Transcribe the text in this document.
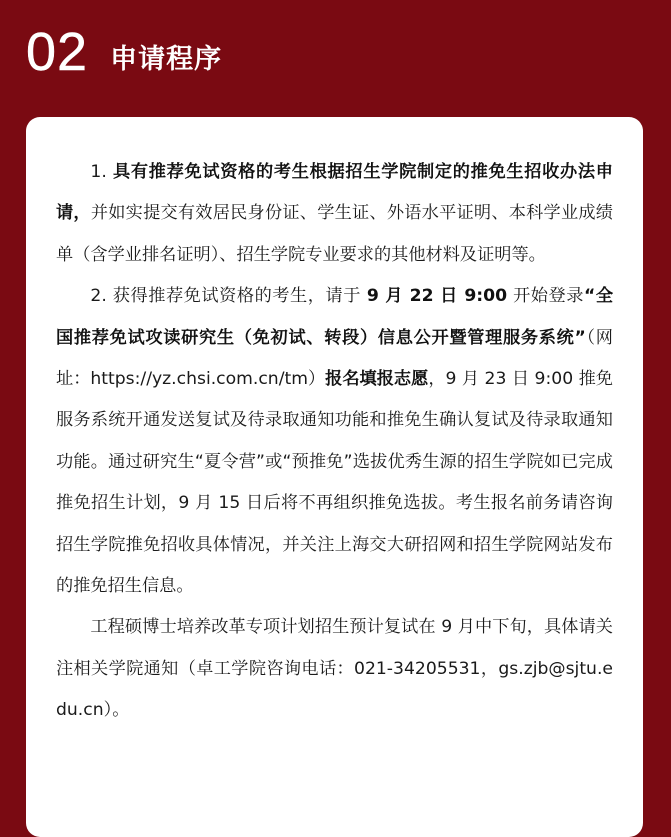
02 申请程序

1. 具有推荐免试资格的考生根据招生学院制定的推免生招收办法申请，并如实提交有效居民身份证、学生证、外语水平证明、本科学业成绩单（含学业排名证明）、招生学院专业要求的其他材料及证明等。

2. 获得推荐免试资格的考生，请于 9 月 22 日 9:00 开始登录“全国推荐免试攻读研究生（免初试、转段）信息公开暨管理服务系统”（网址：https://yz.chsi.com.cn/tm）报名填报志愿，9 月 23 日 9:00 推免服务系统开通发送复试及待录取通知功能和推免生确认复试及待录取通知功能。通过研究生“夏令营”或“预推免”选拔优秀生源的招生学院如已完成推免招生计划，9 月 15 日后将不再组织推免选拔。考生报名前务请咨询招生学院推免招收具体情况，并关注上海交大研招网和招生学院网站发布的推免招生信息。

工程硕博士培养改革专项计划招生预计复试在 9 月中下旬，具体请关注相关学院通知（卓工学院咨询电话：021-34205531，gs.zjb@sjtu.edu.cn）。
